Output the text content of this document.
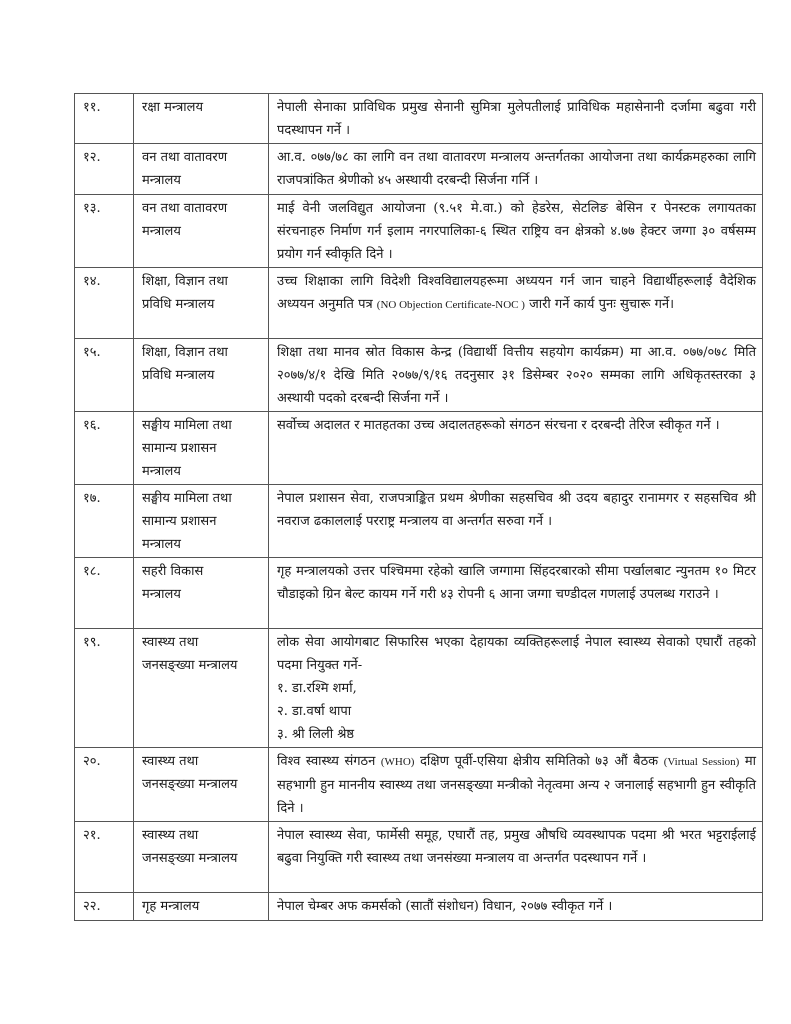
११.	रक्षा मन्त्रालय	नेपाली सेनाका प्राविधिक प्रमुख सेनानी सुमित्रा मुलेपतीलाई प्राविधिक महासेनानी दर्जामा बढुवा गरी पदस्थापन गर्ने ।
१२.	वन तथा वातावरण
मन्त्रालय	आ.व. ०७७/७८ का लागि वन तथा वातावरण मन्त्रालय अन्तर्गतका आयोजना तथा कार्यक्रमहरुका लागि राजपत्रांकित श्रेणीको ४५ अस्थायी दरबन्दी सिर्जना गर्नि ।
१३.	वन तथा वातावरण
मन्त्रालय	माई वेनी जलविद्युत आयोजना (९.५१ मे.वा.) को हेडरेस, सेटलिङ बेसिन र पेनस्टक लगायतका संरचनाहरु निर्माण गर्न इलाम नगरपालिका-६ स्थित राष्ट्रिय वन क्षेत्रको ४.७७ हेक्टर जग्गा ३० वर्षसम्म प्रयोग गर्न स्वीकृति दिने ।
१४.	शिक्षा, विज्ञान तथा
प्रविधि मन्त्रालय	उच्च शिक्षाका लागि विदेशी विश्वविद्यालयहरूमा अध्ययन गर्न जान चाहने विद्यार्थीहरूलाई वैदेशिक अध्ययन अनुमति पत्र (NO Objection Certificate-NOC ) जारी गर्ने कार्य पुनः सुचारू गर्ने।
१५.	शिक्षा, विज्ञान तथा
प्रविधि मन्त्रालय	शिक्षा तथा मानव स्रोत विकास केन्द्र (विद्यार्थी वित्तीय सहयोग कार्यक्रम) मा आ.व. ०७७/०७८ मिति २०७७/४/१ देखि मिति २०७७/९/१६ तदनुसार ३१ डिसेम्बर २०२० सम्मका लागि अधिकृतस्तरका ३ अस्थायी पदको दरबन्दी सिर्जना गर्ने ।
१६.	सङ्घीय मामिला तथा
सामान्य प्रशासन
मन्त्रालय	सर्वोच्च अदालत र मातहतका उच्च अदालतहरूको संगठन संरचना र दरबन्दी तेरिज स्वीकृत गर्ने ।
१७.	सङ्घीय मामिला तथा
सामान्य प्रशासन
मन्त्रालय	नेपाल प्रशासन सेवा, राजपत्राङ्कित प्रथम श्रेणीका सहसचिव श्री उदय बहादुर रानामगर र सहसचिव श्री नवराज ढकाललाई परराष्ट्र मन्त्रालय वा अन्तर्गत सरुवा गर्ने ।
१८.	सहरी विकास
मन्त्रालय	गृह मन्त्रालयको उत्तर पश्चिममा रहेको खालि जग्गामा सिंहदरबारको सीमा पर्खालबाट न्युनतम १० मिटर चौडाइको ग्रिन बेल्ट कायम गर्ने गरी ४३ रोपनी ६ आना जग्गा चण्डीदल गणलाई उपलब्ध गराउने ।
१९.	स्वास्थ्य तथा
जनसङ्ख्या मन्त्रालय	लोक सेवा आयोगबाट सिफारिस भएका देहायका व्यक्तिहरूलाई नेपाल स्वास्थ्य सेवाको एघारौं तहको पदमा नियुक्त गर्ने-
१. डा.रश्मि शर्मा,
२. डा.वर्षा थापा
३. श्री लिली श्रेष्ठ

२०.	स्वास्थ्य तथा
जनसङ्ख्या मन्त्रालय	विश्व स्वास्थ्य संगठन (WHO) दक्षिण पूर्वी-एसिया क्षेत्रीय समितिको ७३ औं बैठक (Virtual Session) मा सहभागी हुन माननीय स्वास्थ्य तथा जनसङ्ख्या मन्त्रीको नेतृत्वमा अन्य २ जनालाई सहभागी हुन स्वीकृति दिने ।
२१.	स्वास्थ्य तथा
जनसङ्ख्या मन्त्रालय	नेपाल स्वास्थ्य सेवा, फार्मेसी समूह, एघारौं तह, प्रमुख औषधि व्यवस्थापक पदमा श्री भरत भट्टराईलाई बढुवा नियुक्ति गरी स्वास्थ्य तथा जनसंख्या मन्त्रालय वा अन्तर्गत पदस्थापन गर्ने ।
२२.	गृह मन्त्रालय	नेपाल चेम्बर अफ कमर्सको (सातौं संशोधन) विधान, २०७७ स्वीकृत गर्ने ।
